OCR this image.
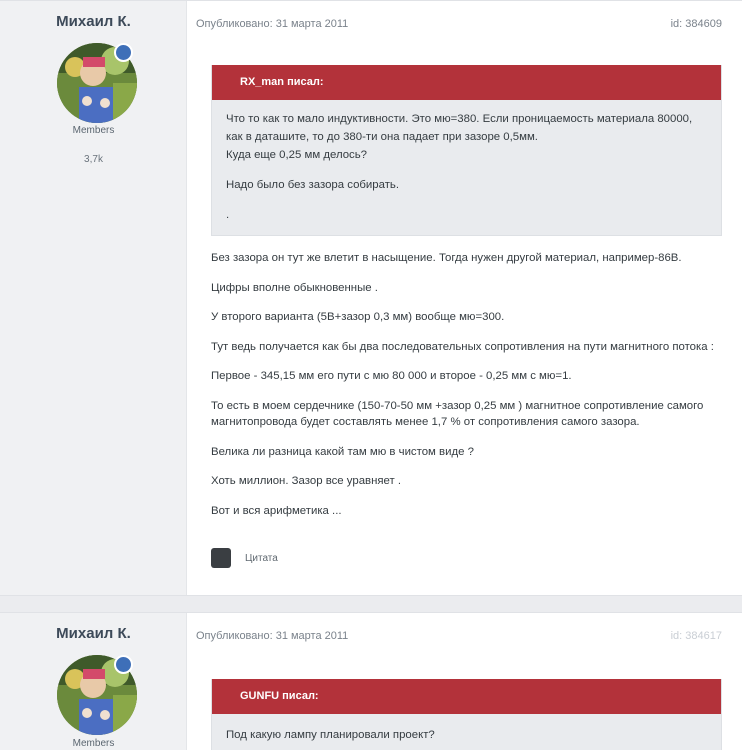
Михаил К.
Members
3,7k
Опубликовано: 31 марта 2011	id: 384609
RX_man писал:

Что то как то мало индуктивности. Это мю=380. Если проницаемость материала 80000, как в даташите, то до 380-ти она падает при зазоре 0,5мм.

Куда еще 0,25 мм делось?

Надо было без зазора собирать.

.

Без зазора он тут же влетит в насыщение. Тогда нужен другой материал, например-86В.

Цифры вполне обыкновенные .

У второго варианта (5В+зазор 0,3 мм) вообще мю=300.

Тут ведь получается как бы два последовательных сопротивления на пути магнитного потока :

Первое - 345,15 мм его пути с мю 80 000 и второе - 0,25 мм с мю=1.

То есть в моем сердечнике (150-70-50 мм +зазор 0,25 мм ) магнитное сопротивление самого магнитопровода будет составлять менее 1,7 % от сопротивления самого зазора.

Велика ли разница какой там мю в чистом виде ?

Хоть миллион. Зазор все уравняет .

Вот и вся арифметика ...

Цитата
Михаил К.
Members
Опубликовано: 31 марта 2011	id: 384617
GUNFU писал:

Под какую лампу планировали проект?
